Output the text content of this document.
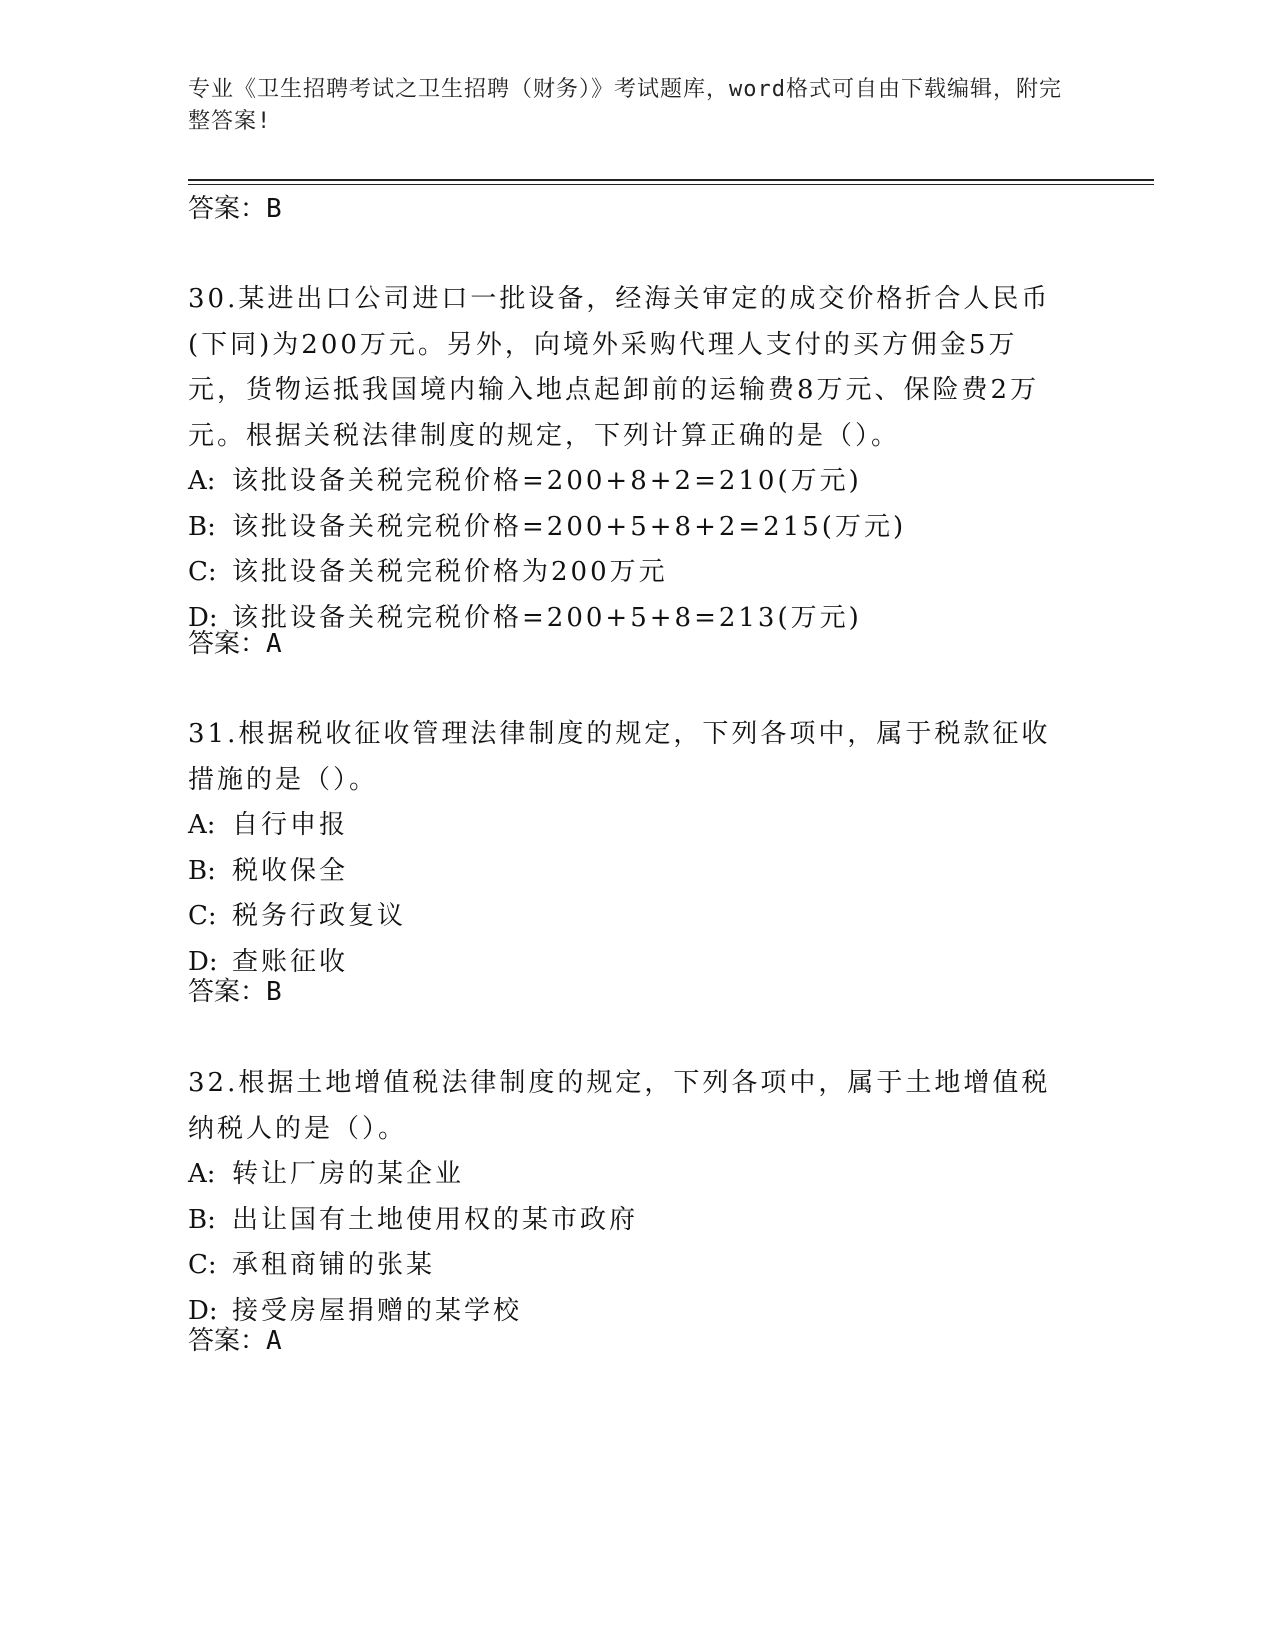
专业《卫生招聘考试之卫生招聘（财务）》考试题库，word格式可自由下载编辑，附完整答案!

答案：B

30.某进出口公司进口一批设备，经海关审定的成交价格折合人民币(下同)为200万元。另外，向境外采购代理人支付的买方佣金5万元，货物运抵我国境内输入地点起卸前的运输费8万元、保险费2万元。根据关税法律制度的规定，下列计算正确的是（）。

A: 该批设备关税完税价格=200+8+2=210(万元)

B: 该批设备关税完税价格=200+5+8+2=215(万元)

C: 该批设备关税完税价格为200万元

D: 该批设备关税完税价格=200+5+8=213(万元)

答案：A

31.根据税收征收管理法律制度的规定，下列各项中，属于税款征收措施的是（）。

A: 自行申报

B: 税收保全

C: 税务行政复议

D: 查账征收

答案：B

32.根据土地增值税法律制度的规定，下列各项中，属于土地增值税纳税人的是（）。

A: 转让厂房的某企业

B: 出让国有土地使用权的某市政府

C: 承租商铺的张某

D: 接受房屋捐赠的某学校

答案：A
